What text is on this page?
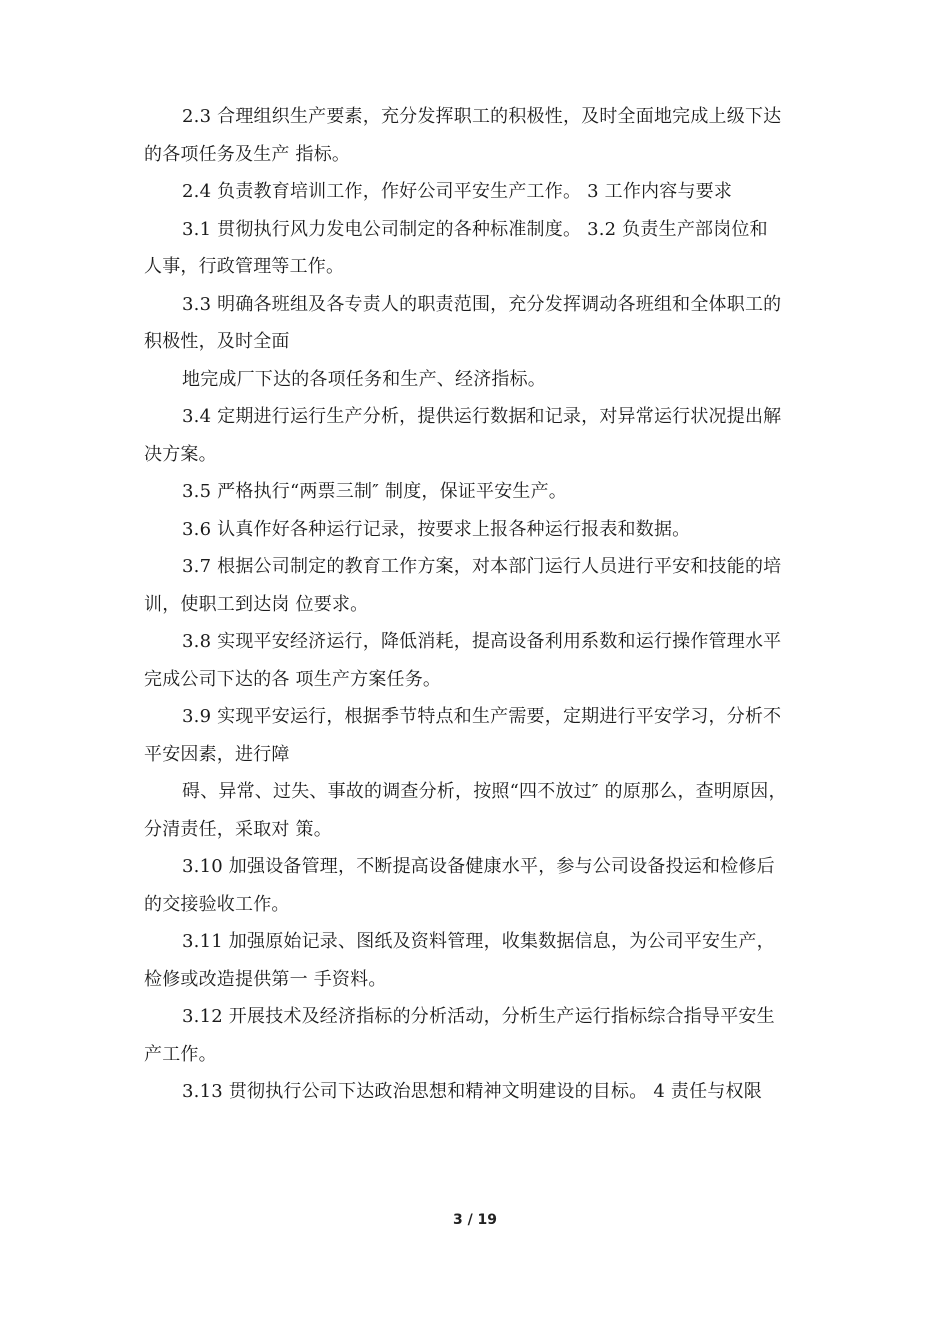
2.3 合理组织生产要素，充分发挥职工的积极性，及时全面地完成上级下达
的各项任务及生产 指标。
2.4 负责教育培训工作，作好公司平安生产工作。 3 工作内容与要求
3.1 贯彻执行风力发电公司制定的各种标准制度。 3.2 负责生产部岗位和
人事，行政管理等工作。
3.3 明确各班组及各专责人的职责范围，充分发挥调动各班组和全体职工的
积极性，及时全面
地完成厂下达的各项任务和生产、经济指标。
3.4 定期进行运行生产分析，提供运行数据和记录，对异常运行状况提出解
决方案。
3.5 严格执行“两票三制″ 制度，保证平安生产。
3.6 认真作好各种运行记录，按要求上报各种运行报表和数据。
3.7 根据公司制定的教育工作方案，对本部门运行人员进行平安和技能的培
训，使职工到达岗 位要求。
3.8 实现平安经济运行，降低消耗，提高设备利用系数和运行操作管理水平
完成公司下达的各 项生产方案任务。
3.9 实现平安运行，根据季节特点和生产需要，定期进行平安学习，分析不
平安因素，进行障
碍、异常、过失、事故的调查分析，按照“四不放过″ 的原那么，查明原因，
分清责任，采取对 策。
3.10 加强设备管理，不断提高设备健康水平，参与公司设备投运和检修后
的交接验收工作。
3.11 加强原始记录、图纸及资料管理，收集数据信息，为公司平安生产，
检修或改造提供第一 手资料。
3.12 开展技术及经济指标的分析活动，分析生产运行指标综合指导平安生
产工作。
3.13 贯彻执行公司下达政治思想和精神文明建设的目标。 4 责任与权限
3 / 19
